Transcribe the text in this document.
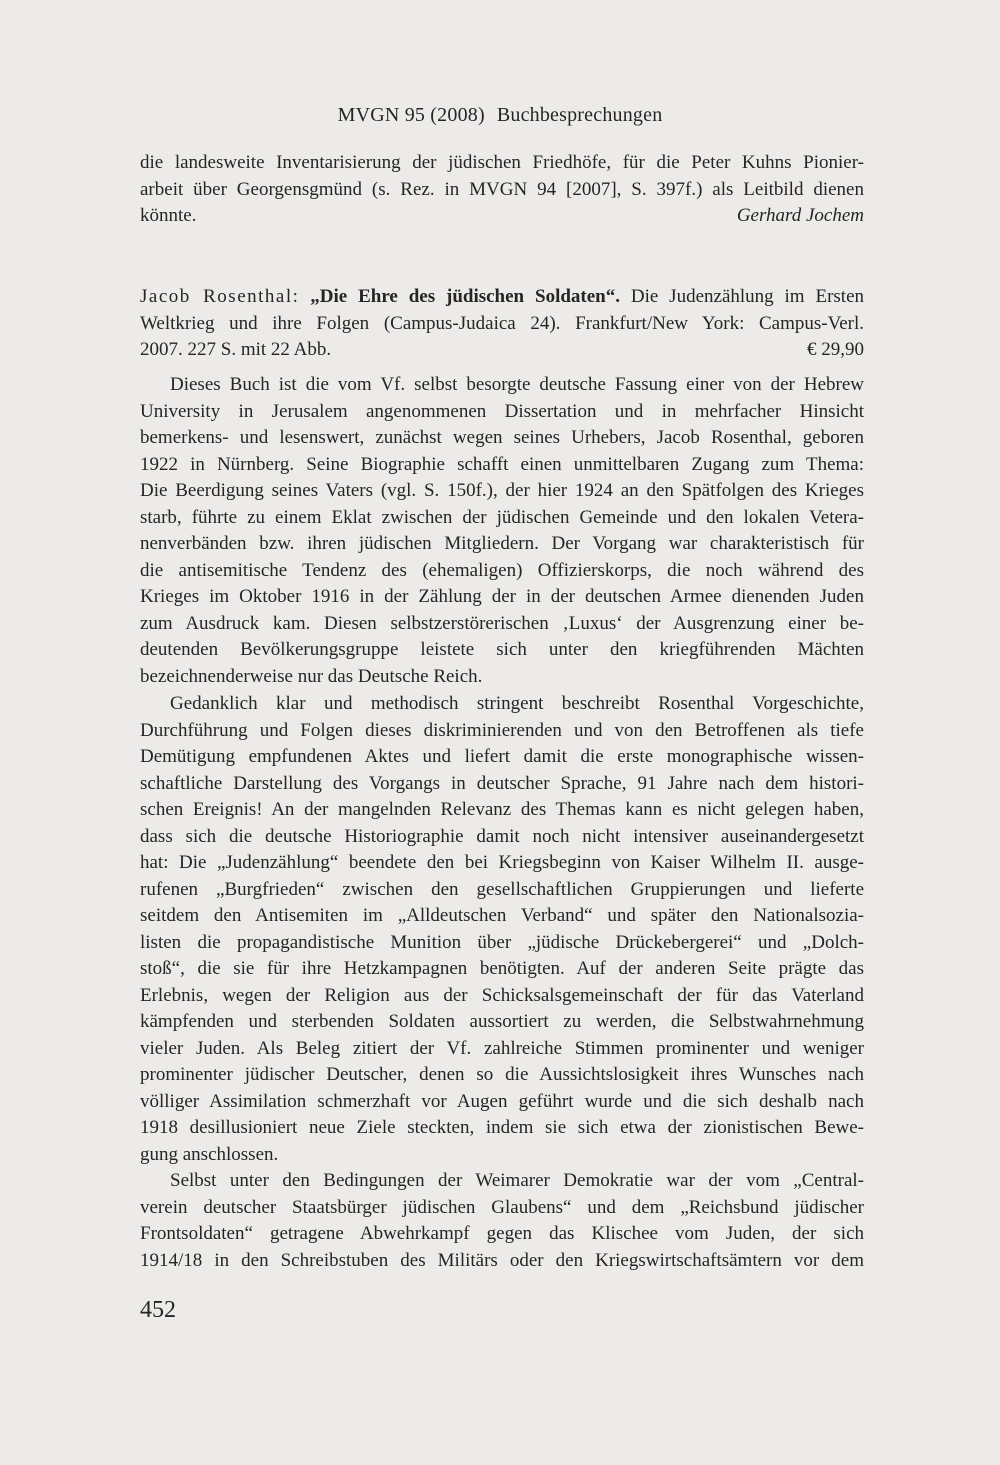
MVGN 95 (2008) Buchbesprechungen
die landesweite Inventarisierung der jüdischen Friedhöfe, für die Peter Kuhns Pionier-
arbeit über Georgensgmünd (s. Rez. in MVGN 94 [2007], S. 397f.) als Leitbild dienen
könnte.	Gerhard Jochem
Jacob Rosenthal: „Die Ehre des jüdischen Soldaten“. Die Judenzählung im Ersten
Weltkrieg und ihre Folgen (Campus-Judaica 24). Frankfurt/New York: Campus-Verl.
2007. 227 S. mit 22 Abb.	€ 29,90
Dieses Buch ist die vom Vf. selbst besorgte deutsche Fassung einer von der Hebrew
University in Jerusalem angenommenen Dissertation und in mehrfacher Hinsicht
bemerkens- und lesenswert, zunächst wegen seines Urhebers, Jacob Rosenthal, geboren
1922 in Nürnberg. Seine Biographie schafft einen unmittelbaren Zugang zum Thema:
Die Beerdigung seines Vaters (vgl. S. 150f.), der hier 1924 an den Spätfolgen des Krieges
starb, führte zu einem Eklat zwischen der jüdischen Gemeinde und den lokalen Vetera-
nenverbänden bzw. ihren jüdischen Mitgliedern. Der Vorgang war charakteristisch für
die antisemitische Tendenz des (ehemaligen) Offizierskorps, die noch während des
Krieges im Oktober 1916 in der Zählung der in der deutschen Armee dienenden Juden
zum Ausdruck kam. Diesen selbstzerstörerischen ‚Luxus‘ der Ausgrenzung einer be-
deutenden Bevölkerungsgruppe leistete sich unter den kriegführenden Mächten
bezeichnenderweise nur das Deutsche Reich.
Gedanklich klar und methodisch stringent beschreibt Rosenthal Vorgeschichte,
Durchführung und Folgen dieses diskriminierenden und von den Betroffenen als tiefe
Demütigung empfundenen Aktes und liefert damit die erste monographische wissen-
schaftliche Darstellung des Vorgangs in deutscher Sprache, 91 Jahre nach dem histori-
schen Ereignis! An der mangelnden Relevanz des Themas kann es nicht gelegen haben,
dass sich die deutsche Historiographie damit noch nicht intensiver auseinandergesetzt
hat: Die „Judenzählung“ beendete den bei Kriegsbeginn von Kaiser Wilhelm II. ausge-
rufenen „Burgfrieden“ zwischen den gesellschaftlichen Gruppierungen und lieferte
seitdem den Antisemiten im „Alldeutschen Verband“ und später den Nationalsozia-
listen die propagandistische Munition über „jüdische Drückebergerei“ und „Dolch-
stoß“, die sie für ihre Hetzkampagnen benötigten. Auf der anderen Seite prägte das
Erlebnis, wegen der Religion aus der Schicksalsgemeinschaft der für das Vaterland
kämpfenden und sterbenden Soldaten aussortiert zu werden, die Selbstwahrnehmung
vieler Juden. Als Beleg zitiert der Vf. zahlreiche Stimmen prominenter und weniger
prominenter jüdischer Deutscher, denen so die Aussichtslosigkeit ihres Wunsches nach
völliger Assimilation schmerzhaft vor Augen geführt wurde und die sich deshalb nach
1918 desillusioniert neue Ziele steckten, indem sie sich etwa der zionistischen Bewe-
gung anschlossen.
Selbst unter den Bedingungen der Weimarer Demokratie war der vom „Central-
verein deutscher Staatsbürger jüdischen Glaubens“ und dem „Reichsbund jüdischer
Frontsoldaten“ getragene Abwehrkampf gegen das Klischee vom Juden, der sich
1914/18 in den Schreibstuben des Militärs oder den Kriegswirtschaftsämtern vor dem
452
